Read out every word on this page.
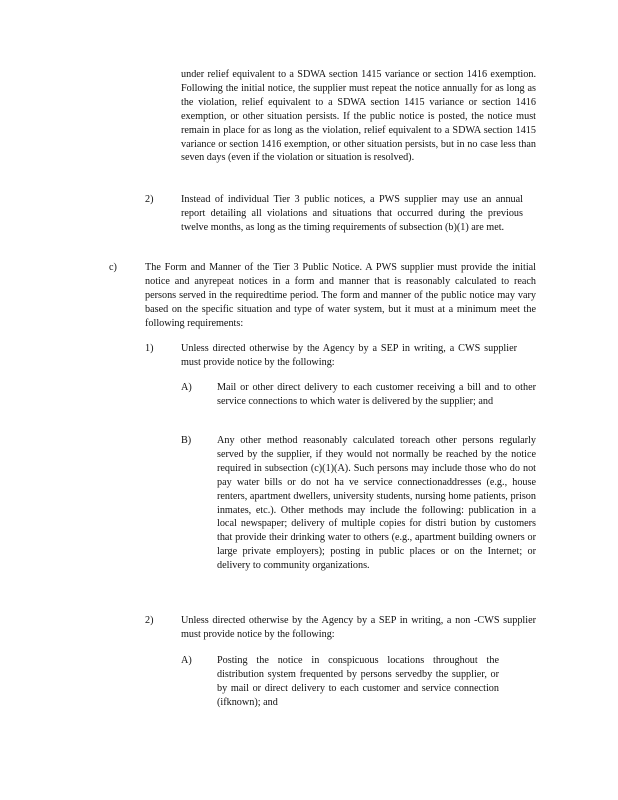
under relief equivalent to a SDWA section 1415 variance or section 1416 exemption. Following the initial notice, the supplier must repeat the notice annually for as long as the violation, relief equivalent to a SDWA section 1415 variance or section 1416 exemption, or other situation persists. If the public notice is posted, the notice must remain in place for as long as the violation, relief equivalent to a SDWA section 1415 variance or section 1416 exemption, or other situation persists, but in no case less than seven days (even if the violation or situation is resolved).
2)	Instead of individual Tier 3 public notices, a PWS supplier may use an annual report detailing all violations and situations that occurred during the previous twelve months, as long as the timing requirements of subsection (b)(1) are met.
c)	The Form and Manner of the Tier 3 Public Notice. A PWS supplier must provide the initial notice and anyrepeat notices in a form and manner that is reasonably calculated to reach persons served in the requiredtime period. The form and manner of the public notice may vary based on the specific situation and type of water system, but it must at a minimum meet the following requirements:
1)	Unless directed otherwise by the Agency by a SEP in writing, a CWS supplier must provide notice by the following:
A) Mail or other direct delivery to each customer receiving a bill and to other service connections to which water is delivered by the supplier; and
B)	Any other method reasonably calculated toreach other persons regularly served by the supplier, if they would not normally be reached by the notice required in subsection (c)(1)(A). Such persons may include those who do not pay water bills or do not ha ve service connectionaddresses (e.g., house renters, apartment dwellers, university students, nursing home patients, prison inmates, etc.). Other methods may include the following: publication in a local newspaper; delivery of multiple copies for distri bution by customers that provide their drinking water to others (e.g., apartment building owners or large private employers); posting in public places or on the Internet; or delivery to community organizations.
2)	Unless directed otherwise by the Agency by a SEP in writing, a non -CWS supplier must provide notice by the following:
A) Posting the notice in conspicuous locations throughout the distribution system frequented by persons servedby the supplier, or by mail or direct delivery to each customer and service connection (ifknown); and
